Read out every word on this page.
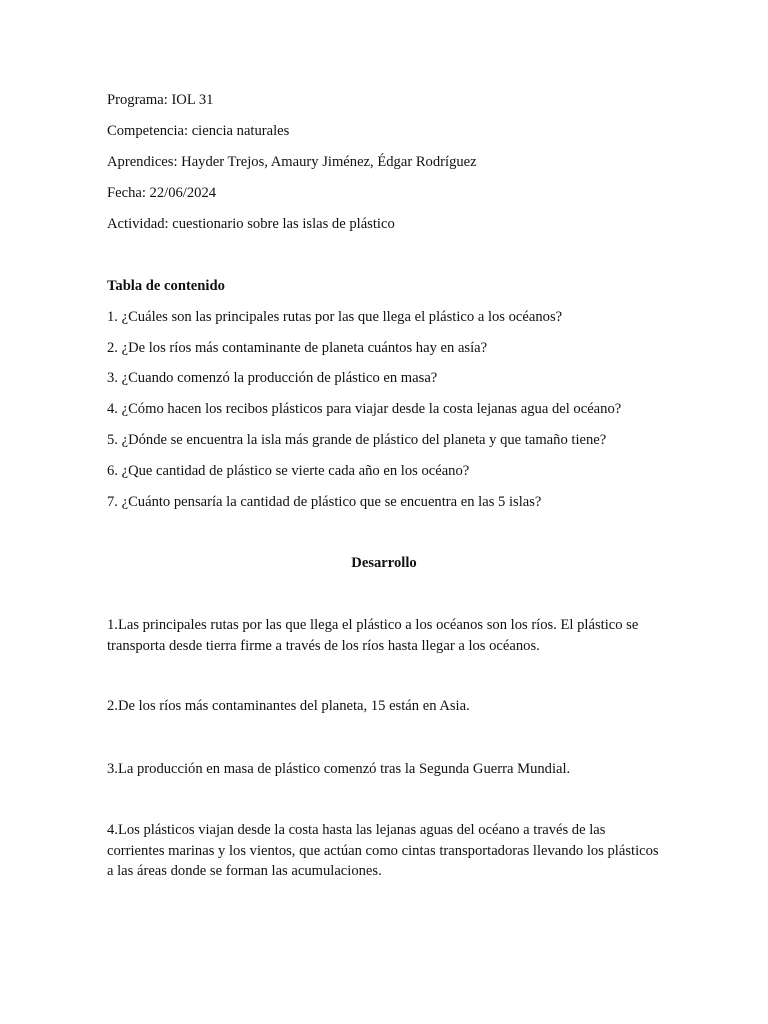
Programa: IOL 31
Competencia: ciencia naturales
Aprendices: Hayder Trejos, Amaury Jiménez, Édgar Rodríguez
Fecha: 22/06/2024
Actividad: cuestionario sobre las islas de plástico
Tabla de contenido
1. ¿Cuáles son las principales rutas por las que llega el plástico a los océanos?
2. ¿De los ríos más contaminante de planeta cuántos hay en asía?
3. ¿Cuando comenzó la producción de plástico en masa?
4. ¿Cómo hacen los recibos plásticos para viajar desde la costa lejanas agua del océano?
5. ¿Dónde se encuentra la isla más grande de plástico del planeta y que tamaño tiene?
6. ¿Que cantidad de plástico se vierte cada año en los océano?
7. ¿Cuánto pensaría la cantidad de plástico que se encuentra en las 5 islas?
Desarrollo
1.Las principales rutas por las que llega el plástico a los océanos son los ríos. El plástico se transporta desde tierra firme a través de los ríos hasta llegar a los océanos.
2.De los ríos más contaminantes del planeta, 15 están en Asia.
3.La producción en masa de plástico comenzó tras la Segunda Guerra Mundial.
4.Los plásticos viajan desde la costa hasta las lejanas aguas del océano a través de las corrientes marinas y los vientos, que actúan como cintas transportadoras llevando los plásticos a las áreas donde se forman las acumulaciones.
